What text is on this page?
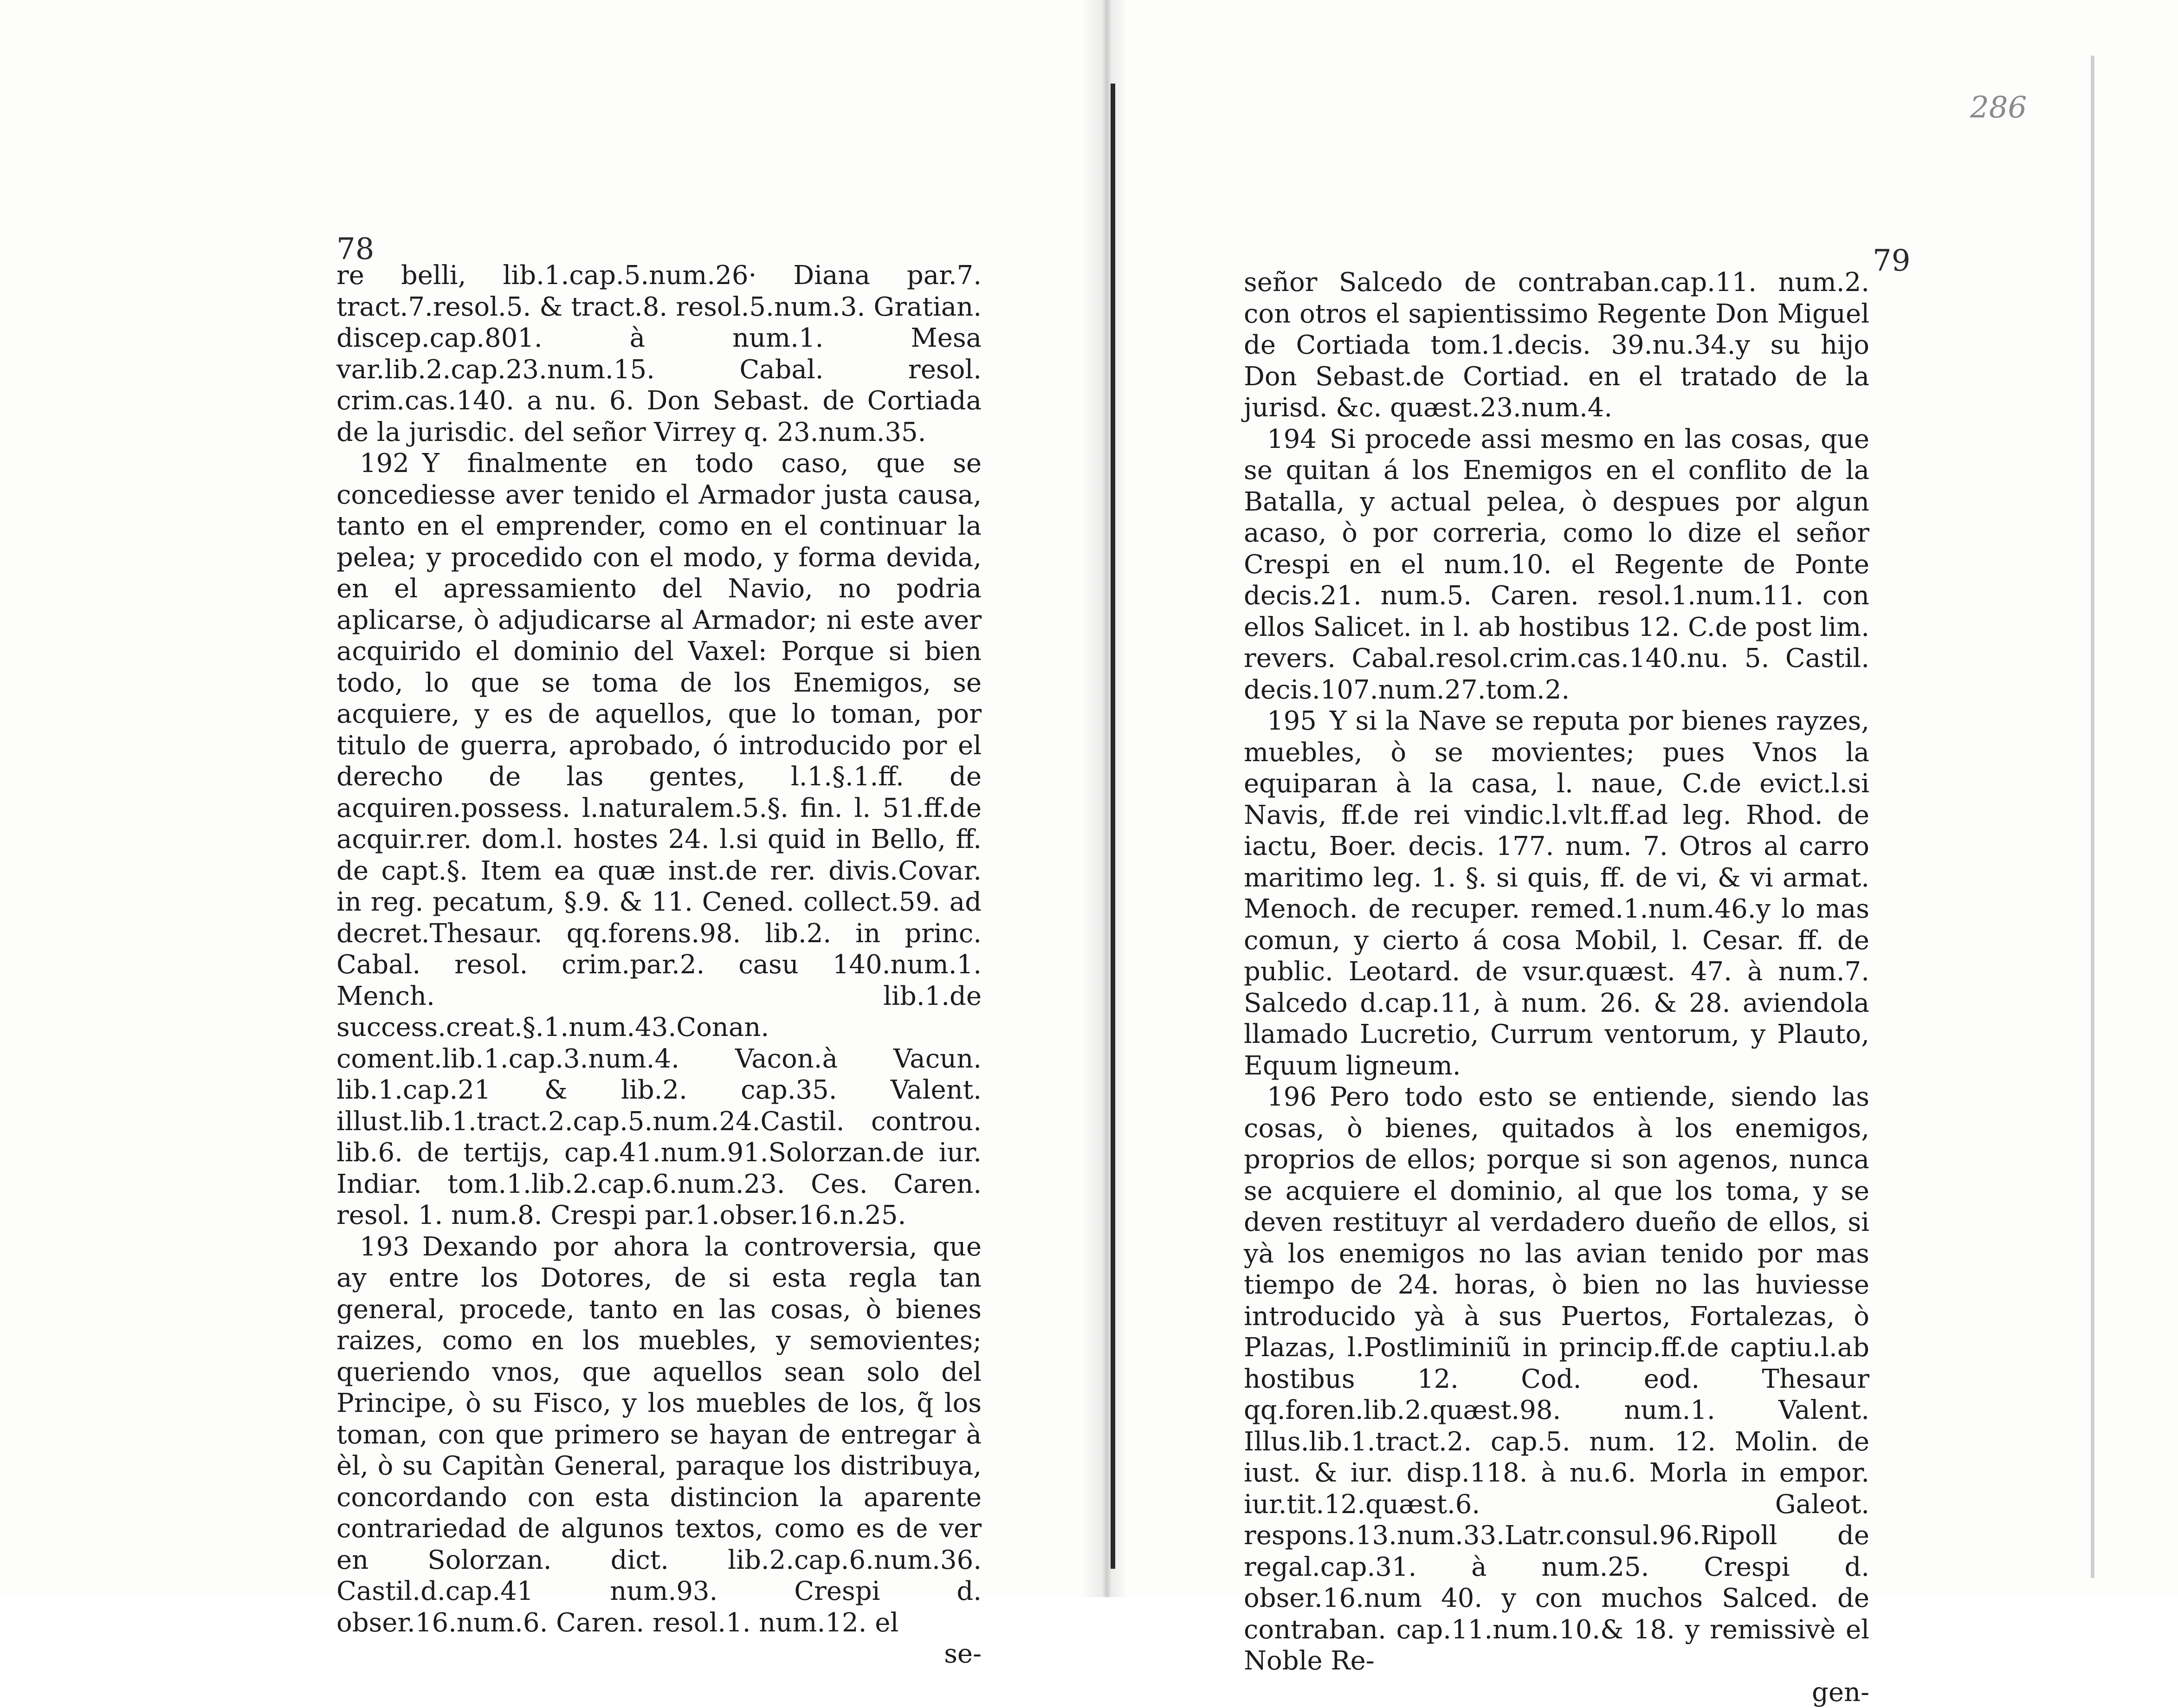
78

re belli, lib.1.cap.5.num.26· Diana par.7. tract.7.resol.5. & tract.8. resol.5.num.3. Gratian. discep.cap.801. à num.1. Mesa var.lib.2.cap.23.num.15. Cabal. resol. crim.cas.140. a nu. 6. Don Sebast. de Cortiada de la jurisdic. del señor Virrey q. 23.num.35.

192 Y finalmente en todo caso, que se concediesse aver tenido el Armador justa causa, tanto en el emprender, como en el continuar la pelea; y procedido con el modo, y forma devida, en el apressamiento del Navio, no podria aplicarse, ò adjudicarse al Armador; ni este aver acquirido el dominio del Vaxel: Porque si bien todo, lo que se toma de los Enemigos, se acquiere, y es de aquellos, que lo toman, por titulo de guerra, aprobado, ó introducido por el derecho de las gentes, l.1.§.1.ff. de acquiren.possess. l.naturalem.5.§. fin. l. 51.ff.de acquir.rer. dom.l. hostes 24. l.si quid in Bello, ff. de capt.§. Item ea quæ inst.de rer. divis.Covar. in reg. pecatum, §.9. & 11. Cened. collect.59. ad decret.Thesaur. qq.forens.98. lib.2. in princ. Cabal. resol. crim.par.2. casu 140.num.1. Mench. lib.1.de success.creat.§.1.num.43.Conan. coment.lib.1.cap.3.num.4. Vacon.à Vacun. lib.1.cap.21 & lib.2. cap.35. Valent. illust.lib.1.tract.2.cap.5.num.24.Castil. controu. lib.6. de tertijs, cap.41.num.91.Solorzan.de iur. Indiar. tom.1.lib.2.cap.6.num.23. Ces. Caren. resol. 1. num.8. Crespi par.1.obser.16.n.25.

193 Dexando por ahora la controversia, que ay entre los Dotores, de si esta regla tan general, procede, tanto en las cosas, ò bienes raizes, como en los muebles, y semovientes; queriendo vnos, que aquellos sean solo del Principe, ò su Fisco, y los muebles de los, q̃ los toman, con que primero se hayan de entregar à èl, ò su Capitàn General, paraque los distribuya, concordando con esta distincion la aparente contrariedad de algunos textos, como es de ver en Solorzan. dict. lib.2.cap.6.num.36. Castil.d.cap.41 num.93. Crespi d. obser.16.num.6. Caren. resol.1. num.12. el

se-

286
79

señor Salcedo de contraban.cap.11. num.2. con otros el sapientissimo Regente Don Miguel de Cortiada tom.1.decis. 39.nu.34.y su hijo Don Sebast.de Cortiad. en el tratado de la jurisd. &c. quæst.23.num.4.

194 Si procede assi mesmo en las cosas, que se quitan á los Enemigos en el conflito de la Batalla, y actual pelea, ò despues por algun acaso, ò por correria, como lo dize el señor Crespi en el num.10. el Regente de Ponte decis.21. num.5. Caren. resol.1.num.11. con ellos Salicet. in l. ab hostibus 12. C.de post lim. revers. Cabal.resol.crim.cas.140.nu. 5. Castil. decis.107.num.27.tom.2.

195 Y si la Nave se reputa por bienes rayzes, muebles, ò se movientes; pues Vnos la equiparan à la casa, l. naue, C.de evict.l.si Navis, ff.de rei vindic.l.vlt.ff.ad leg. Rhod. de iactu, Boer. decis. 177. num. 7. Otros al carro maritimo leg. 1. §. si quis, ff. de vi, & vi armat. Menoch. de recuper. remed.1.num.46.y lo mas comun, y cierto á cosa Mobil, l. Cesar. ff. de public. Leotard. de vsur.quæst. 47. à num.7. Salcedo d.cap.11, à num. 26. & 28. aviendola llamado Lucretio, Currum ventorum, y Plauto, Equum ligneum.

196 Pero todo esto se entiende, siendo las cosas, ò bienes, quitados à los enemigos, proprios de ellos; porque si son agenos, nunca se acquiere el dominio, al que los toma, y se deven restituyr al verdadero dueño de ellos, si yà los enemigos no las avian tenido por mas tiempo de 24. horas, ò bien no las huviesse introducido yà à sus Puertos, Fortalezas, ò Plazas, l.Postliminiũ in princip.ff.de captiu.l.ab hostibus 12. Cod. eod. Thesaur qq.foren.lib.2.quæst.98. num.1. Valent. Illus.lib.1.tract.2. cap.5. num. 12. Molin. de iust. & iur. disp.118. à nu.6. Morla in empor. iur.tit.12.quæst.6. Galeot. respons.13.num.33.Latr.consul.96.Ripoll de regal.cap.31. à num.25. Crespi d. obser.16.num 40. y con muchos Salced. de contraban. cap.11.num.10.& 18. y remissivè el Noble Re-

gen-
